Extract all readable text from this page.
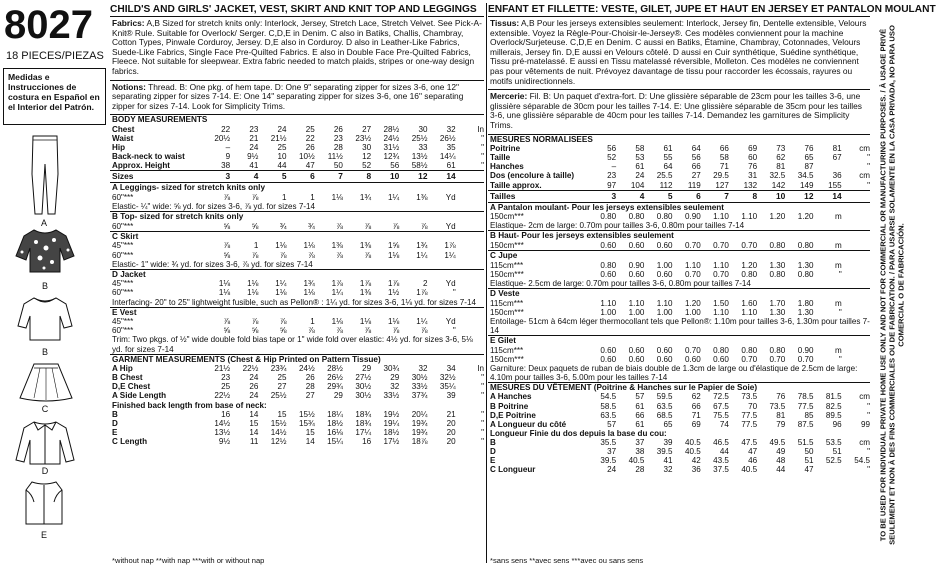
8027
18 PIECES/PIEZAS
Medidas e Instrucciones de costura en Español en el Interior del Patrón.
A
B
B
C
D
E
CHILD'S AND GIRLS' JACKET, VEST, SKIRT AND KNIT TOP AND LEGGINGS
Fabrics: A,B Sized for stretch knits only: Interlock, Jersey, Stretch Lace, Stretch Velvet. See Pick-A-Knit® Rule. Suitable for Overlock/ Serger. C,D,E in Denim. C also in Batiks, Challis, Chambray, Cotton Types, Pinwale Corduroy, Jersey. D,E also in Corduroy. D also in Leather-Like Fabrics, Suede-Like Fabrics, Single Face Pre-Quilted Fabrics. E also in Double Face Pre-Quilted Fabrics, Fleece. Not suitable for sleepwear. Extra fabric needed to match plaids, stripes or one-way design fabrics.
Notions: Thread. B: One pkg. of hem tape. D: One 9" separating zipper for sizes 3-6, one 12" separating zipper for sizes 7-14. E: One 14" separating zipper for sizes 3-6, one 16" separating zipper for sizes 7-14. Look for Simplicity Trims.
BODY MEASUREMENTS
Chest	22	23	24	25	26	27	28½	30	32	In
Waist	20½	21	21½	22	23	23½	24½	25½	26½	"
Hip	–	24	25	26	28	30	31½	33	35	"
Back-neck to waist	9	9½	10	10½	11½	12	12¾	13½	14¼	"
Approx. Height	38	41	44	47	50	52	56	58½	61	"
Sizes	3	4	5	6	7	8	10	12	14	
A Leggings- sized for stretch knits only
60"***	⅞	⅞	1	1	1⅛	1¾	1¼	1⅜	Yd	
Elastic- ¼" wide: ⅝ yd. for sizes 3-6, ⅞ yd. for sizes 7-14
B Top- sized for stretch knits only
60"***	⅝	⅝	¾	¾	⅞	⅞	⅞	⅞	Yd	
C Skirt
45"***	⅞	1	1⅛	1⅛	1⅜	1⅜	1⅝	1¾	1⅞	
60"***	⅝	⅞	⅞	⅞	⅞	⅞	1⅛	1¼	1¼	
Elastic- 1" wide: ¾ yd. for sizes 3-6, ⅞ yd. for sizes 7-14
D Jacket
45"***	1⅛	1⅛	1¼	1¾	1⅞	1⅞	1⅞	2	Yd	
60"***	1⅛	1⅛	1⅛	1⅛	1¼	1⅜	1½	1⅞	"	
Interfacing- 20" to 25" lightweight fusible, such as Pellon® : 1¼ yd. for sizes 3-6, 1⅛ yd. for sizes 7-14
E Vest
45"***	⅞	⅞	⅞	1	1⅛	1⅛	1⅛	1¼	Yd	
60"***	⅝	⅝	⅝	⅞	⅞	⅞	⅞	⅞	"	
Trim: Two pkgs. of ½" wide double fold bias tape or 1" wide fold over elastic: 4½ yd. for sizes 3-6, 5⅛ yd. for sizes 7-14
GARMENT MEASUREMENTS (Chest & Hip Printed on Pattern Tissue)
A Hip	21½	22½	23¾	24½	28½	29	30¾	32	34	In
B Chest	23	24	25	26	26½	27½	29	30½	32½	"
D,E Chest	25	26	27	28	29¾	30½	32	33½	35¼	"
A Side Length	22½	24	25½	27	29	30½	33½	37¾	39	"
Finished back length from base of neck:
B	16	14	15	15½	18¼	18¾	19½	20¼	21	"
D	14½	15	15½	15¾	18½	18¾	19¼	19¾	20	"
E	13½	14	14½	15	16⅛	17¼	18½	19¾	20	"
C Length	9½	11	12½	14	15¼	16	17½	18⅞	20	"
*without nap **with nap ***with or without nap
ENFANT ET FILLETTE: VESTE, GILET, JUPE ET HAUT EN JERSEY ET PANTALON MOULANT
Tissus: A,B Pour les jerseys extensibles seulement: Interlock, Jersey fin, Dentelle extensible, Velours extensible. Voyez la Règle-Pour-Choisir-le-Jersey®. Ces modèles conviennent pour la machine Overlock/Surjeteuse. C,D,E en Denim. C aussi en Batiks, Étamine, Chambray, Cotonnades, Velours millerais, Jersey fin. D,E aussi en Velours côtelé. D aussi en Cuir synthétique, Suédine synthétique, Tissu pré-matelassé. E aussi en Tissu matelassé réversible, Molleton. Ces modèles ne conviennent pas pour vêtements de nuit. Prévoyez davantage de tissu pour raccorder les écossais, rayures ou motifs unidirectionnels.
Mercerie: Fil. B: Un paquet d'extra-fort. D: Une glissière séparable de 23cm pour les tailles 3-6, une glissière séparable de 30cm pour les tailles 7-14. E: Une glissière séparable de 35cm pour les tailles 3-6, une glissière séparable de 40cm pour les tailles 7-14. Demandez les garnitures de Simplicity Trims.
MESURES NORMALISEES
Poitrine	56	58	61	64	66	69	73	76	81	cm
Taille	52	53	55	56	58	60	62	65	67	"
Hanches	–	61	64	66	71	76	81	87		"
Dos (encolure à taille)	23	24	25.5	27	29.5	31	32.5	34.5	36	cm
Taille approx.	97	104	112	119	127	132	142	149	155	"
Tailles	3	4	5	6	7	8	10	12	14	
A Pantalon moulant- Pour les jerseys extensibles seulement
150cm***	0.80	0.80	0.80	0.90	1.10	1.10	1.20	1.20	m	
Elastique- 2cm de large: 0.70m pour tailles 3-6, 0.80m pour tailles 7-14
B Haut- Pour les jerseys extensibles seulement
150cm***	0.60	0.60	0.60	0.70	0.70	0.70	0.80	0.80	m	
C Jupe
115cm***	0.80	0.90	1.00	1.10	1.10	1.20	1.30	1.30	m	
150cm***	0.60	0.60	0.60	0.70	0.70	0.80	0.80	0.80	"	
Elastique- 2.5cm de large: 0.70m pour tailles 3-6, 0.80m pour tailles 7-14
D Veste
115cm***	1.10	1.10	1.10	1.20	1.50	1.60	1.70	1.80	m	
150cm***	1.00	1.00	1.00	1.00	1.10	1.10	1.30	1.30	"	
Entoilage- 51cm à 64cm léger thermocollant tels que Pellon®: 1.10m pour tailles 3-6, 1.30m pour tailles 7-14
E Gilet
115cm***	0.60	0.60	0.60	0.70	0.80	0.80	0.80	0.90	m	
150cm***	0.60	0.60	0.60	0.60	0.60	0.70	0.70	0.70	"	
Garniture: Deux paquets de ruban de biais double de 1.3cm de large ou d'élastique de 2.5cm de large: 4.10m pour tailles 3-6, 5.00m pour les tailles 7-14
MESURES DU VÊTEMENT (Poitrine & Hanches sur le Papier de Soie)
A Hanches	54.5	57	59.5	62	72.5	73.5	76	78.5	81.5	cm
B Poitrine	58.5	61	63.5	66	67.5	70	73.5	77.5	82.5	"
D,E Poitrine	63.5	66	68.5	71	75.5	77.5	81	85	89.5	"
A Longueur du côté	57	61	65	69	74	77.5	79	87.5	96	99
Longueur Finie du dos depuis la base du cou:
B	35.5	37	39	40.5	46.5	47.5	49.5	51.5	53.5	cm
D	37	38	39.5	40.5	44	47	49	50	51	"
E	39.5	40.5	41	42	43.5	46	48	51	52.5	54.5
C Longueur	24	28	32	36	37.5	40.5	44	47		"
*sans sens **avec sens ***avec ou sans sens
TO BE USED FOR INDIVIDUAL PRIVATE HOME USE ONLY AND NOT FOR COMMERCIAL OR MANUFACTURING PURPOSES. / À USAGE PRIVÉ SEULEMENT ET NON À DES FINS COMMERCIALES OU DE FABRICATION. / PARA USARSE SOLAMENTE EN LA CASA PRIVADA, NO PARA USO COMERCIAL O DE FABRICACIÓN.
